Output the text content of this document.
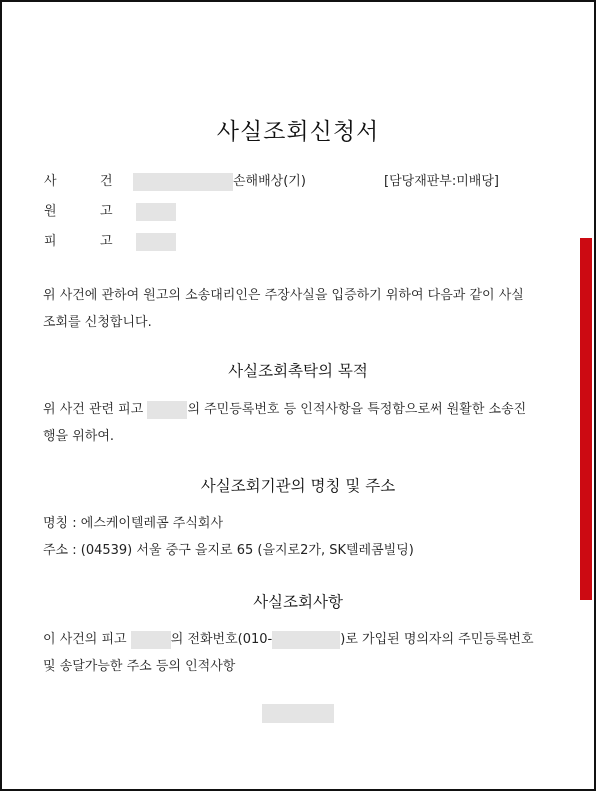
사실조회신청서
사	건	손해배상(기)	[담당재판부:미배당]
원	고
피	고
위 사건에 관하여 원고의 소송대리인은 주장사실을 입증하기 위하여 다음과 같이 사실
조회를 신청합니다.
사실조회촉탁의 목적
위 사건 관련 피고	의 주민등록번호 등 인적사항을 특정함으로써 원활한 소송진
행을 위하여.
사실조회기관의 명칭 및 주소
명칭 : 에스케이텔레콤 주식회사
주소 : (04539) 서울 중구 을지로 65 (을지로2가, SK텔레콤빌딩)
사실조회사항
이 사건의 피고	의 전화번호(010-	)로 가입된 명의자의 주민등록번호
및 송달가능한 주소 등의 인적사항
